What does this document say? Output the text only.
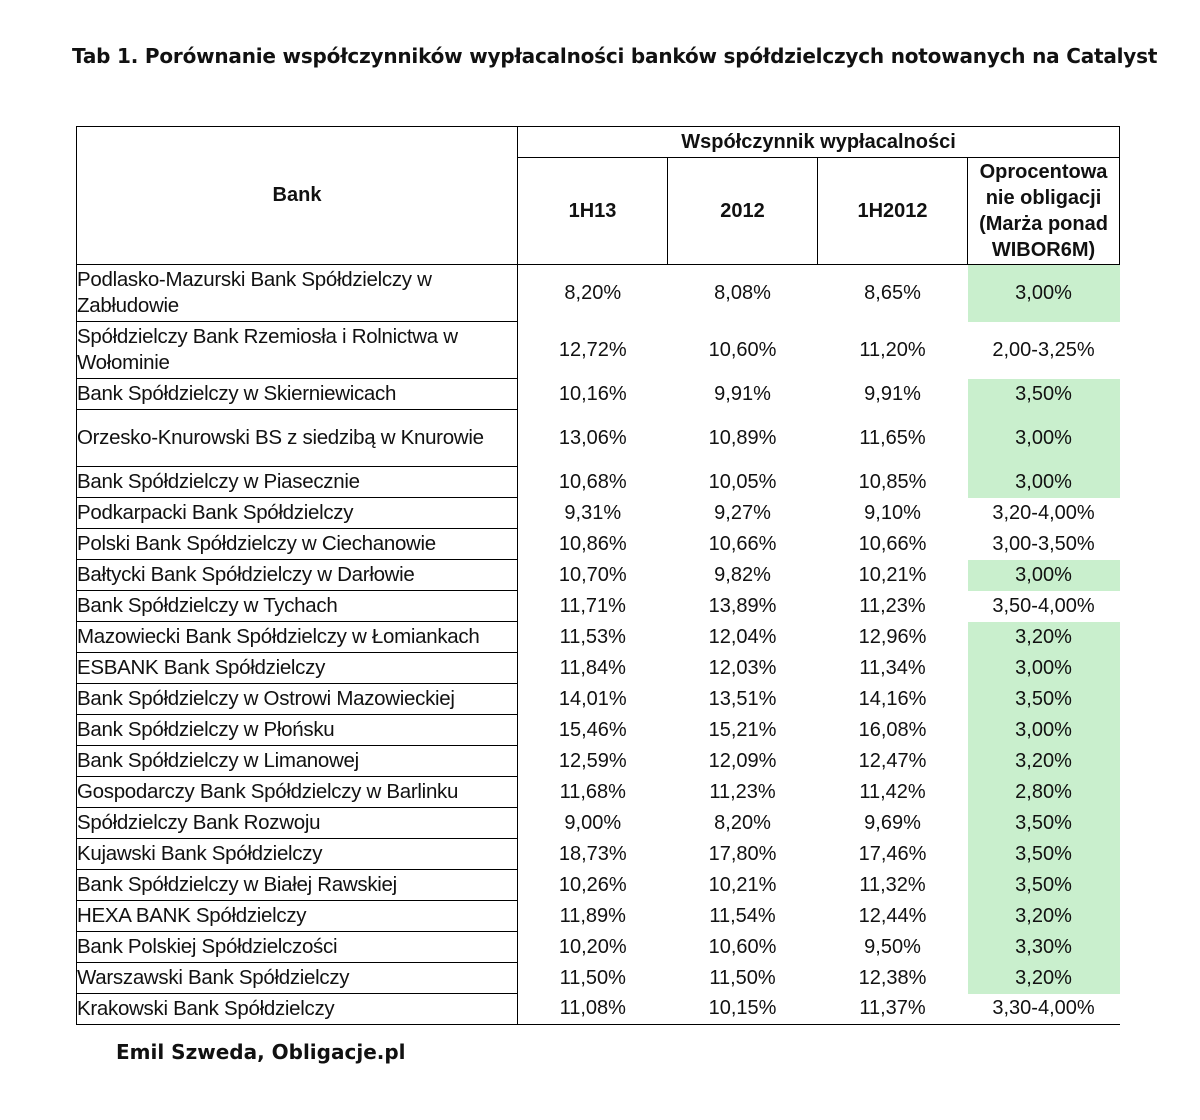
Tab 1. Porównanie współczynników wypłacalności banków spółdzielczych notowanych na Catalyst
Bank	Współczynnik wypłacalności			
	1H13	2012	1H2012	Oprocentowa
nie obligacji
(Marża ponad
WIBOR6M)
Podlasko-Mazurski Bank Spółdzielczy w Zabłudowie	8,20%	8,08%	8,65%	3,00%
Spółdzielczy Bank Rzemiosła i Rolnictwa w Wołominie	12,72%	10,60%	11,20%	2,00-3,25%
Bank Spółdzielczy w Skierniewicach	10,16%	9,91%	9,91%	3,50%
Orzesko-Knurowski BS z siedzibą w Knurowie	13,06%	10,89%	11,65%	3,00%
Bank Spółdzielczy w Piasecznie	10,68%	10,05%	10,85%	3,00%
Podkarpacki Bank Spółdzielczy	9,31%	9,27%	9,10%	3,20-4,00%
Polski Bank Spółdzielczy w Ciechanowie	10,86%	10,66%	10,66%	3,00-3,50%
Bałtycki Bank Spółdzielczy w Darłowie	10,70%	9,82%	10,21%	3,00%
Bank Spółdzielczy w Tychach	11,71%	13,89%	11,23%	3,50-4,00%
Mazowiecki Bank Spółdzielczy w Łomiankach	11,53%	12,04%	12,96%	3,20%
ESBANK Bank Spółdzielczy	11,84%	12,03%	11,34%	3,00%
Bank Spółdzielczy w Ostrowi Mazowieckiej	14,01%	13,51%	14,16%	3,50%
Bank Spółdzielczy w Płońsku	15,46%	15,21%	16,08%	3,00%
Bank Spółdzielczy w Limanowej	12,59%	12,09%	12,47%	3,20%
Gospodarczy Bank Spółdzielczy w Barlinku	11,68%	11,23%	11,42%	2,80%
Spółdzielczy Bank Rozwoju	9,00%	8,20%	9,69%	3,50%
Kujawski Bank Spółdzielczy	18,73%	17,80%	17,46%	3,50%
Bank Spółdzielczy w Białej Rawskiej	10,26%	10,21%	11,32%	3,50%
HEXA BANK Spółdzielczy	11,89%	11,54%	12,44%	3,20%
Bank Polskiej Spółdzielczości	10,20%	10,60%	9,50%	3,30%
Warszawski Bank Spółdzielczy	11,50%	11,50%	12,38%	3,20%
Krakowski Bank Spółdzielczy	11,08%	10,15%	11,37%	3,30-4,00%
Emil Szweda, Obligacje.pl
